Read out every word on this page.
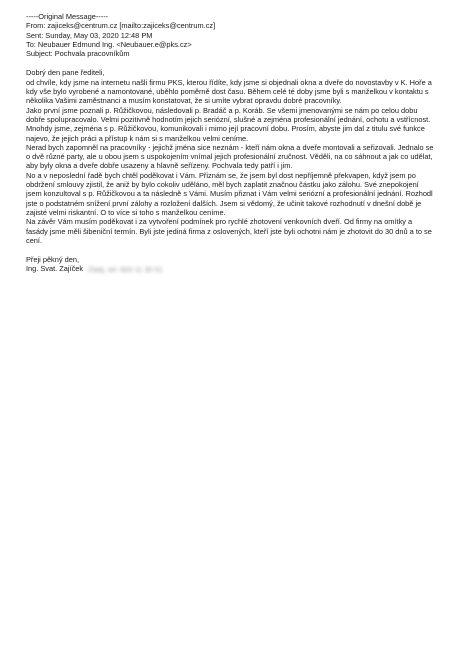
-----Original Message-----
From: zajiceks@centrum.cz [mailto:zajiceks@centrum.cz]
Sent: Sunday, May 03, 2020 12:48 PM
To: Neubauer Edmund Ing. <Neubauer.e@pks.cz>
Subject: Pochvala pracovníkům

Dobrý den pane řediteli,

od chvíle, kdy jsme na internetu našli firmu PKS, kterou řídíte, kdy jsme si objednali okna a dveře do novostavby v K. Hoře a kdy vše bylo vyrobené a namontované, uběhlo poměrně dost času. Během celé té doby jsme byli s manželkou v kontaktu s několika Vašimi zaměstnanci a musím konstatovat, že si umíte vybrat opravdu dobré pracovníky.

Jako první jsme poznali p. Růžičkovou, následovali p. Bradáč a p. Koráb. Se všemi jmenovanými se nám po celou dobu dobře spolupracovalo. Velmi pozitivně hodnotím jejich seriózní, slušné a zejména profesionální jednání, ochotu a vstřícnost. Mnohdy jsme, zejména s p. Růžičkovou, komunikovali i mimo její pracovní dobu. Prosím, abyste jim dal z titulu své funkce najevo, že jejich práci a přístup k nám si s manželkou velmi ceníme.

Nerad bych zapomněl na pracovníky - jejichž jména sice neznám - kteří nám okna a dveře montovali a seřizovali. Jednalo se o dvě různé party, ale u obou jsem s uspokojením vnímal jejich profesionální zručnost. Věděli, na co sáhnout a jak co udělat, aby byly okna a dveře dobře usazeny a hlavně seřízeny. Pochvala tedy patří i jim.

No a v neposlední řadě bych chtěl poděkovat i Vám. Přiznám se, že jsem byl dost nepříjemně překvapen, když jsem po obdržení smlouvy zjistil, že aniž by bylo cokoliv uděláno, měl bych zaplatit značnou částku jako zálohu. Své znepokojení jsem konzultoval s p. Růžičkovou a ta následně s Vámi. Musím přiznat i Vám velmi seriózní a profesionální jednání. Rozhodl jste o podstatném snížení první zálohy a rozložení dalších. Jsem si vědomý, že učinit takové rozhodnutí v dnešní době je zajisté velmi riskantní. O to více si toho s manželkou ceníme.

Na závěr Vám musím poděkovat i za vytvoření podmínek pro rychlé zhotovení venkovních dveří. Od firmy na omítky a fasády jsme měli šibeniční termín. Byli jste jediná firma z oslovených, kteří jste byli ochotni nám je zhotovit do 30 dnů a to se cení.

Přeji pěkný den,
Ing. Svat. Zajíček Zlatý, tel. 603 11 30 51
